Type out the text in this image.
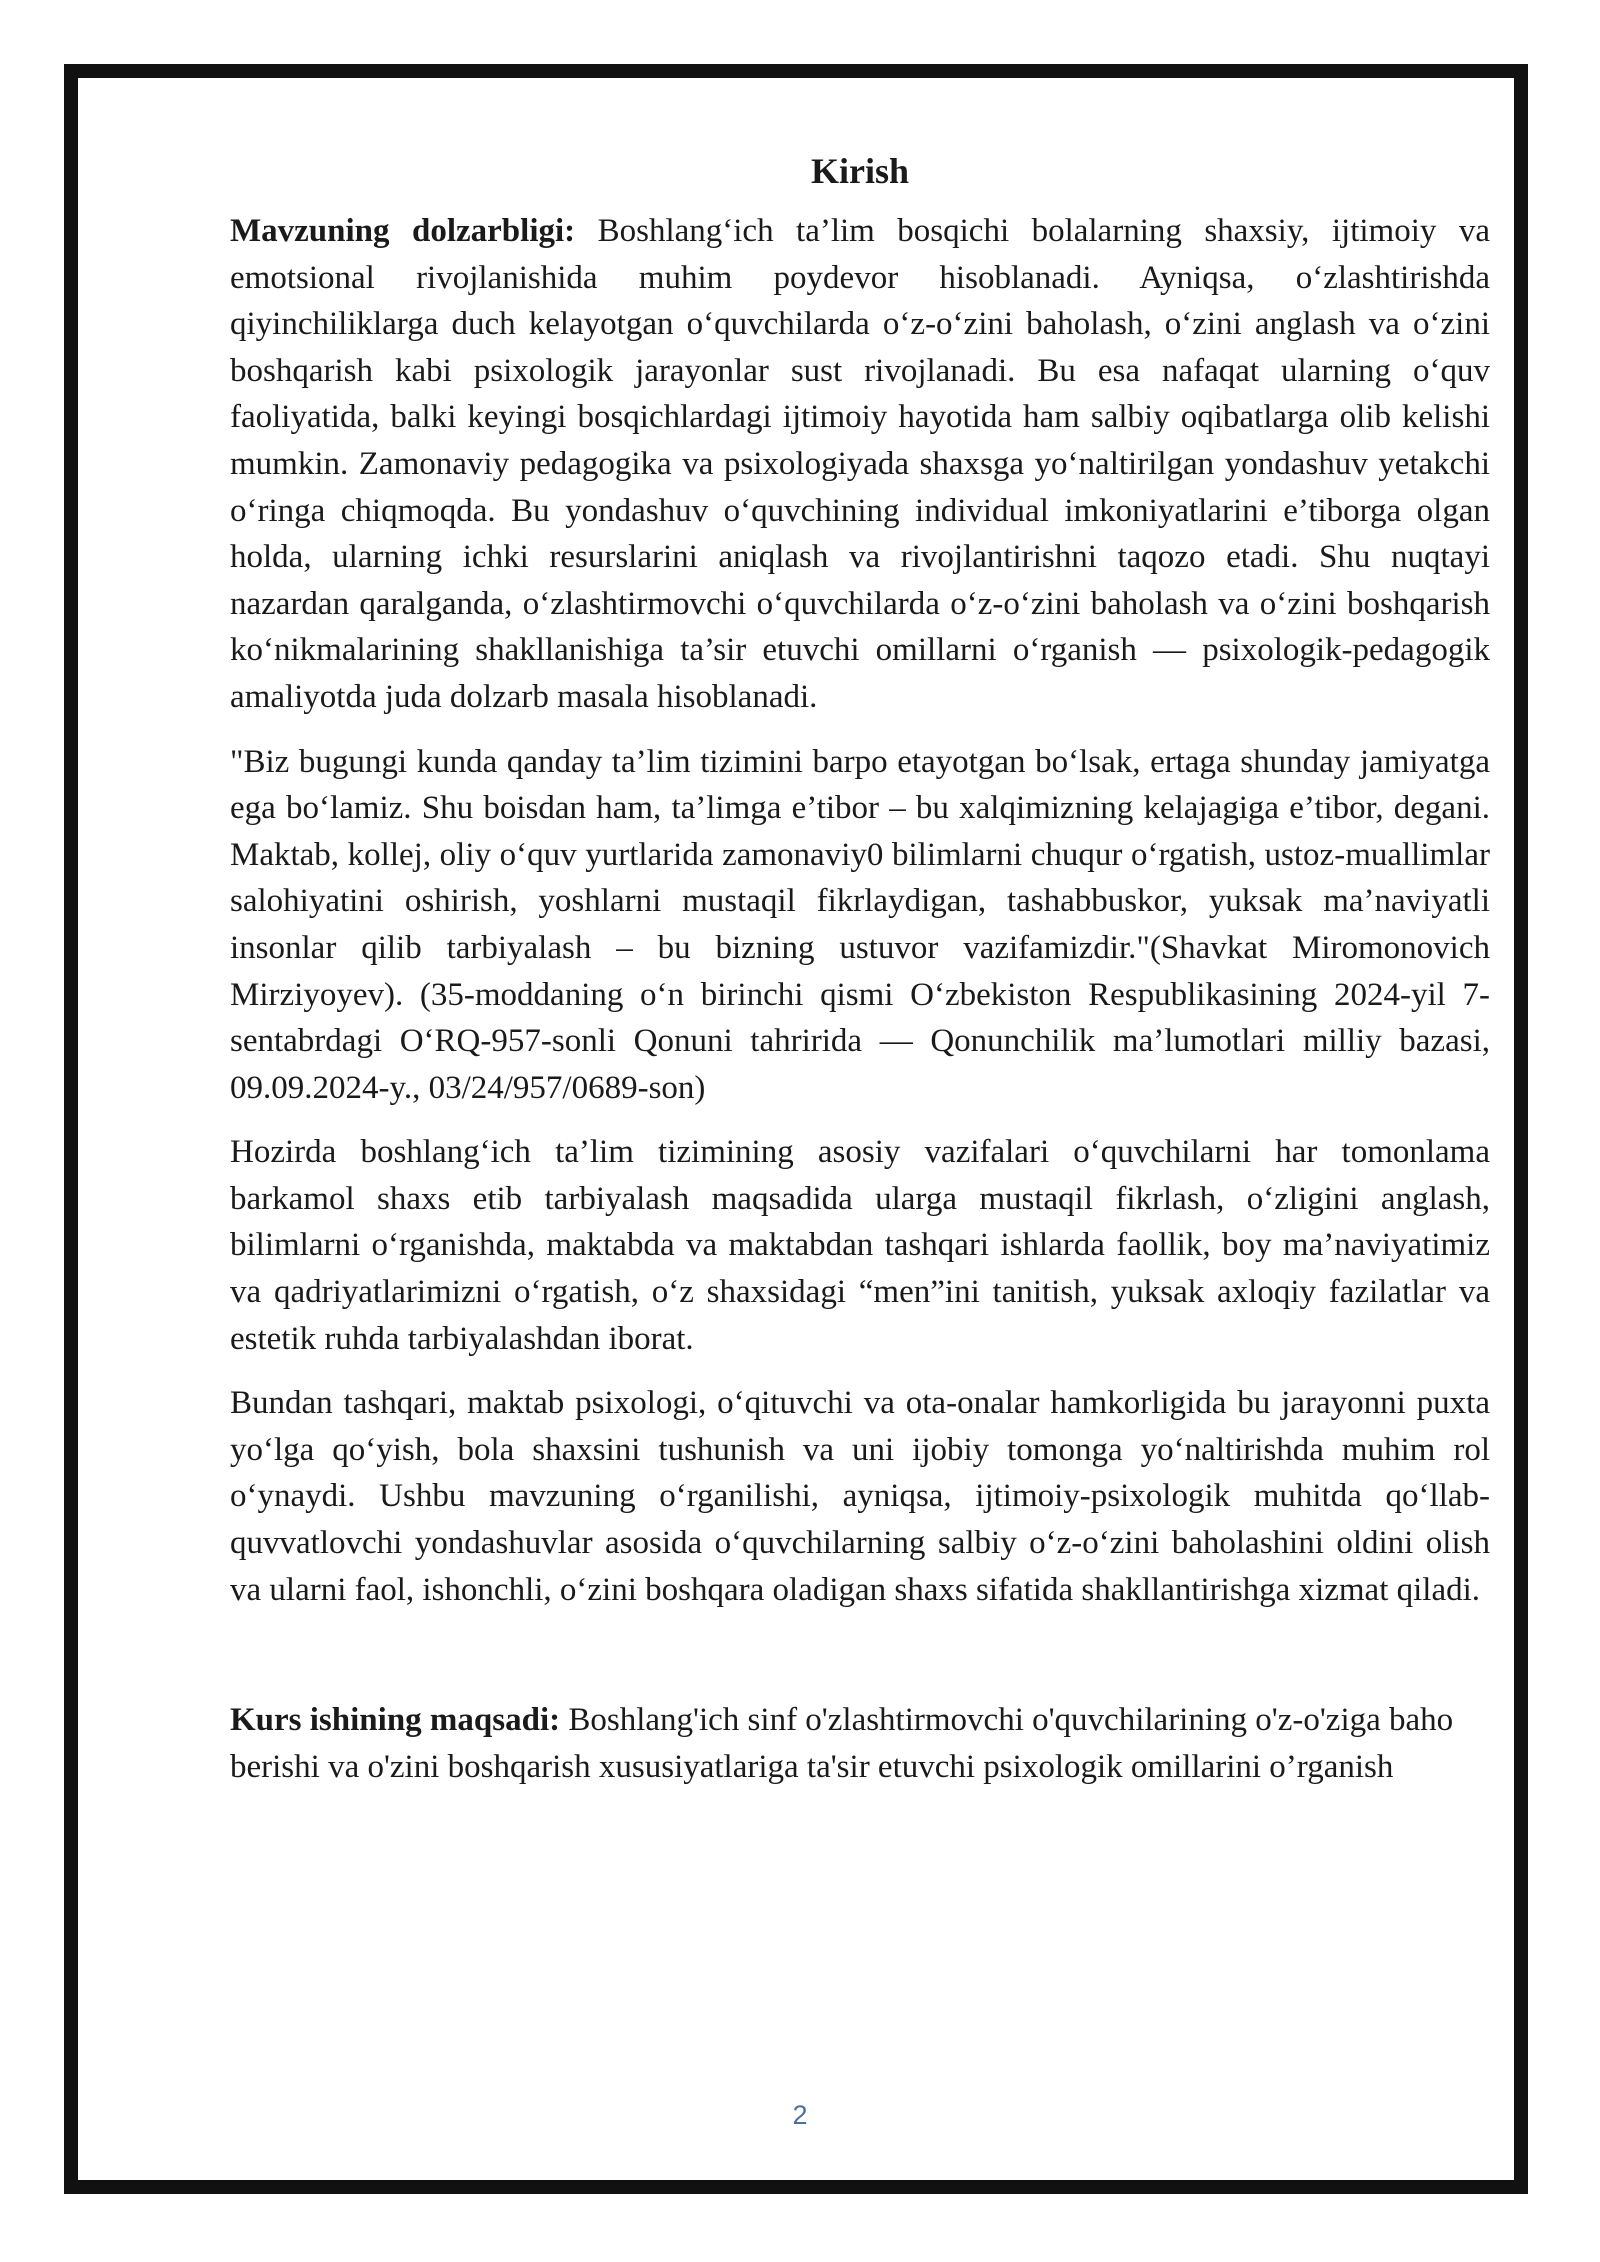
Kirish

Mavzuning dolzarbligi: Boshlang‘ich ta’lim bosqichi bolalarning shaxsiy, ijtimoiy va emotsional rivojlanishida muhim poydevor hisoblanadi. Ayniqsa, o‘zlashtirishda qiyinchiliklarga duch kelayotgan o‘quvchilarda o‘z-o‘zini baholash, o‘zini anglash va o‘zini boshqarish kabi psixologik jarayonlar sust rivojlanadi. Bu esa nafaqat ularning o‘quv faoliyatida, balki keyingi bosqichlardagi ijtimoiy hayotida ham salbiy oqibatlarga olib kelishi mumkin. Zamonaviy pedagogika va psixologiyada shaxsga yo‘naltirilgan yondashuv yetakchi o‘ringa chiqmoqda. Bu yondashuv o‘quvchining individual imkoniyatlarini e’tiborga olgan holda, ularning ichki resurslarini aniqlash va rivojlantirishni taqozo etadi. Shu nuqtayi nazardan qaralganda, o‘zlashtirmovchi o‘quvchilarda o‘z-o‘zini baholash va o‘zini boshqarish ko‘nikmalarining shakllanishiga ta’sir etuvchi omillarni o‘rganish — psixologik-pedagogik amaliyotda juda dolzarb masala hisoblanadi.

"Biz bugungi kunda qanday ta’lim tizimini barpo etayotgan bo‘lsak, ertaga shunday jamiyatga ega bo‘lamiz. Shu boisdan ham, ta’limga e’tibor – bu xalqimizning kelajagiga e’tibor, degani. Maktab, kollej, oliy o‘quv yurtlarida zamonaviy0 bilimlarni chuqur o‘rgatish, ustoz-muallimlar salohiyatini oshirish, yoshlarni mustaqil fikrlaydigan, tashabbuskor, yuksak ma’naviyatli insonlar qilib tarbiyalash – bu bizning ustuvor vazifamizdir."(Shavkat Miromonovich Mirziyoyev). (35-moddaning o‘n birinchi qismi O‘zbekiston Respublikasining 2024-yil 7-sentabrdagi O‘RQ-957-sonli Qonuni tahririda — Qonunchilik ma’lumotlari milliy bazasi, 09.09.2024-y., 03/24/957/0689-son)

Hozirda boshlang‘ich ta’lim tizimining asosiy vazifalari o‘quvchilarni har tomonlama barkamol shaxs etib tarbiyalash maqsadida ularga mustaqil fikrlash, o‘zligini anglash, bilimlarni o‘rganishda, maktabda va maktabdan tashqari ishlarda faollik, boy ma’naviyatimiz va qadriyatlarimizni o‘rgatish, o‘z shaxsidagi “men”ini tanitish, yuksak axloqiy fazilatlar va estetik ruhda tarbiyalashdan iborat.

Bundan tashqari, maktab psixologi, o‘qituvchi va ota-onalar hamkorligida bu jarayonni puxta yo‘lga qo‘yish, bola shaxsini tushunish va uni ijobiy tomonga yo‘naltirishda muhim rol o‘ynaydi. Ushbu mavzuning o‘rganilishi, ayniqsa, ijtimoiy-psixologik muhitda qo‘llab-quvvatlovchi yondashuvlar asosida o‘quvchilarning salbiy o‘z-o‘zini baholashini oldini olish va ularni faol, ishonchli, o‘zini boshqara oladigan shaxs sifatida shakllantirishga xizmat qiladi.

Kurs ishining maqsadi: Boshlang'ich sinf o'zlashtirmovchi o'quvchilarining o'z-o'ziga baho berishi va o'zini boshqarish xususiyatlariga ta'sir etuvchi psixologik omillarini o’rganish

2
